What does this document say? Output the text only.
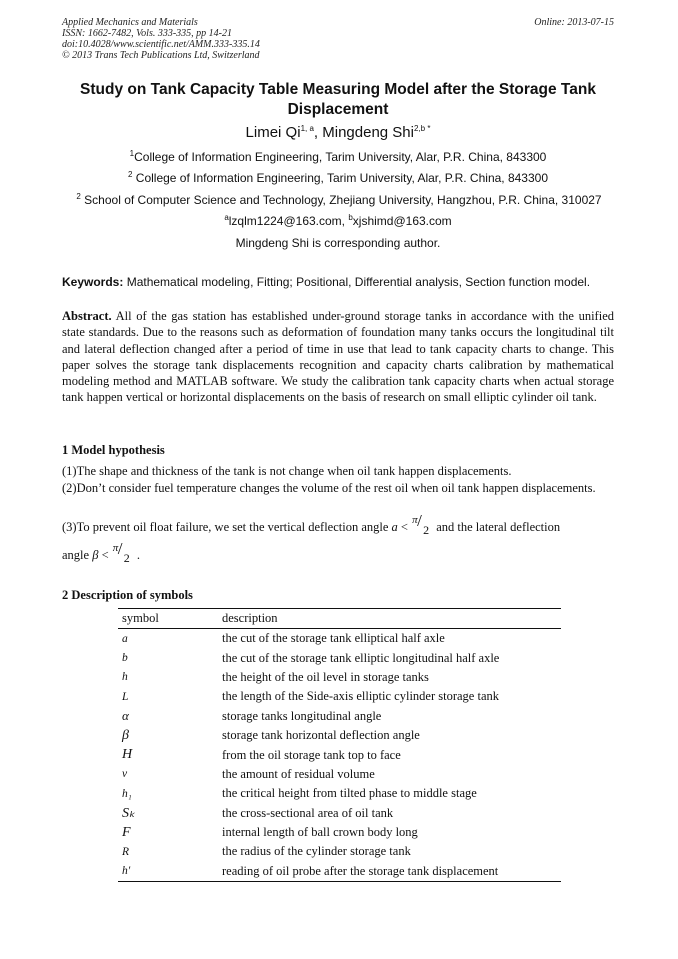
Applied Mechanics and Materials
ISSN: 1662-7482, Vols. 333-335, pp 14-21
doi:10.4028/www.scientific.net/AMM.333-335.14
© 2013 Trans Tech Publications Ltd, Switzerland
Online: 2013-07-15
Study on Tank Capacity Table Measuring Model after the Storage Tank Displacement
Limei Qi$^{1, a}$, Mingdeng Shi$^{2,b *}$
$^1$College of Information Engineering, Tarim University, Alar, P.R. China, 843300
$^2$ College of Information Engineering, Tarim University, Alar, P.R. China, 843300
$^2$ School of Computer Science and Technology, Zhejiang University, Hangzhou, P.R. China, 310027
$^a$lzqlm1224@163.com, $^b$xjshimd@163.com
Mingdeng Shi is corresponding author.
Keywords: Mathematical modeling, Fitting; Positional, Differential analysis, Section function model.
Abstract. All of the gas station has established under-ground storage tanks in accordance with the unified state standards. Due to the reasons such as deformation of foundation many tanks occurs the longitudinal tilt and lateral deflection changed after a period of time in use that lead to tank capacity charts to change. This paper solves the storage tank displacements recognition and capacity charts calibration by mathematical modeling method and MATLAB software. We study the calibration tank capacity charts when actual storage tank happen vertical or horizontal displacements on the basis of research on small elliptic cylinder oil tank.
1 Model hypothesis
(1)The shape and thickness of the tank is not change when oil tank happen displacements.
(2)Don’t consider fuel temperature changes the volume of the rest oil when oil tank happen displacements.
(3)To prevent oil float failure, we set the vertical deflection angle a < π / 2 and the lateral deflection
angle β < π / 2 .
2 Description of symbols
symbol	description
a	the cut of the storage tank elliptical half axle
b	the cut of the storage tank elliptic longitudinal half axle
h	the height of the oil level in storage tanks
L	the length of the Side-axis elliptic cylinder storage tank
α	storage tanks longitudinal angle
β	storage tank horizontal deflection angle
H	from the oil storage tank top to face
v	the amount of residual volume
h₁	the critical height from tilted phase to middle stage
Sₖ	the cross-sectional area of oil tank
F	internal length of ball crown body long
R	the radius of the cylinder storage tank
h′	reading of oil probe after the storage tank displacement
